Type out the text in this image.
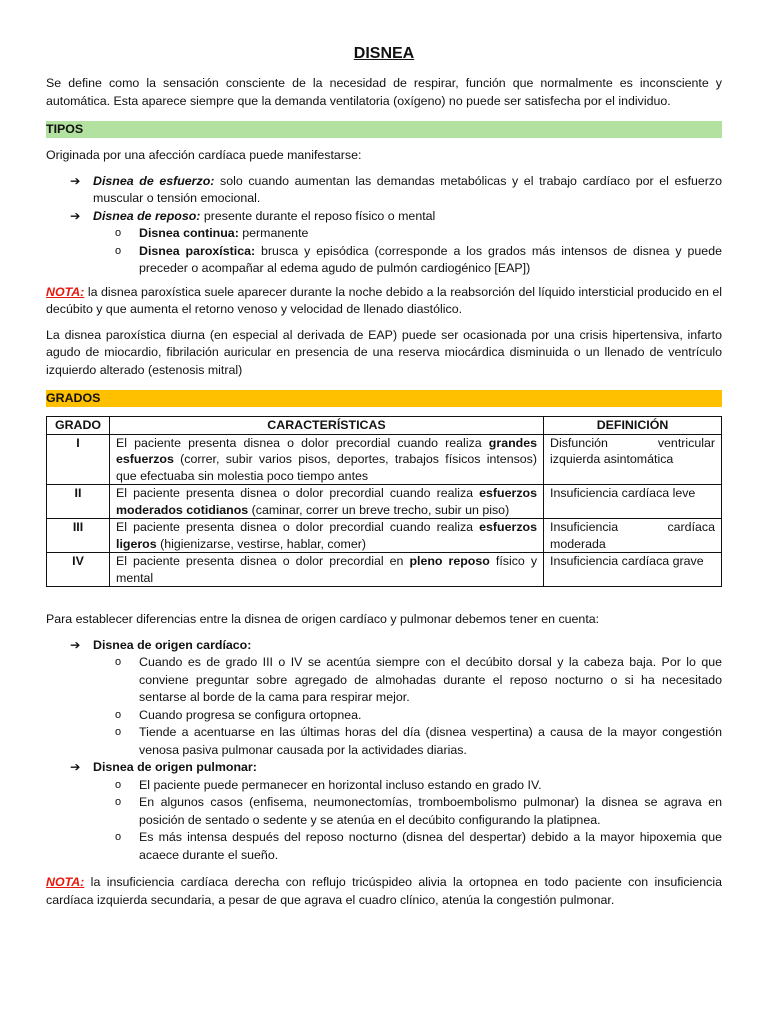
DISNEA

Se define como la sensación consciente de la necesidad de respirar, función que normalmente es inconsciente y automática. Esta aparece siempre que la demanda ventilatoria (oxígeno) no puede ser satisfecha por el individuo.

TIPOS

Originada por una afección cardíaca puede manifestarse:

➔ Disnea de esfuerzo: solo cuando aumentan las demandas metabólicas y el trabajo cardíaco por el esfuerzo muscular o tensión emocional.
➔ Disnea de reposo: presente durante el reposo físico o mental
o Disnea continua: permanente
o Disnea paroxística: brusca y episódica (corresponde a los grados más intensos de disnea y puede preceder o acompañar al edema agudo de pulmón cardiogénico [EAP])

NOTA: la disnea paroxística suele aparecer durante la noche debido a la reabsorción del líquido intersticial producido en el decúbito y que aumenta el retorno venoso y velocidad de llenado diastólico.

La disnea paroxística diurna (en especial al derivada de EAP) puede ser ocasionada por una crisis hipertensiva, infarto agudo de miocardio, fibrilación auricular en presencia de una reserva miocárdica disminuida o un llenado de ventrículo izquierdo alterado (estenosis mitral)

GRADOS
GRADO	CARACTERÍSTICAS	DEFINICIÓN
I	El paciente presenta disnea o dolor precordial cuando realiza grandes esfuerzos (correr, subir varios pisos, deportes, trabajos físicos intensos) que efectuaba sin molestia poco tiempo antes	Disfunción ventricular izquierda asintomática
II	El paciente presenta disnea o dolor precordial cuando realiza esfuerzos moderados cotidianos (caminar, correr un breve trecho, subir un piso)	Insuficiencia cardíaca leve
III	El paciente presenta disnea o dolor precordial cuando realiza esfuerzos ligeros (higienizarse, vestirse, hablar, comer)	Insuficiencia cardíaca moderada
IV	El paciente presenta disnea o dolor precordial en pleno reposo físico y mental	Insuficiencia cardíaca grave

Para establecer diferencias entre la disnea de origen cardíaco y pulmonar debemos tener en cuenta:

➔ Disnea de origen cardíaco:
o Cuando es de grado III o IV se acentúa siempre con el decúbito dorsal y la cabeza baja. Por lo que conviene preguntar sobre agregado de almohadas durante el reposo nocturno o si ha necesitado sentarse al borde de la cama para respirar mejor.
o Cuando progresa se configura ortopnea.
o Tiende a acentuarse en las últimas horas del día (disnea vespertina) a causa de la mayor congestión venosa pasiva pulmonar causada por la actividades diarias.
➔ Disnea de origen pulmonar:
o El paciente puede permanecer en horizontal incluso estando en grado IV.
o En algunos casos (enfisema, neumonectomías, tromboembolismo pulmonar) la disnea se agrava en posición de sentado o sedente y se atenúa en el decúbito configurando la platipnea.
o Es más intensa después del reposo nocturno (disnea del despertar) debido a la mayor hipoxemia que acaece durante el sueño.

NOTA: la insuficiencia cardíaca derecha con reflujo tricúspideo alivia la ortopnea en todo paciente con insuficiencia cardíaca izquierda secundaria, a pesar de que agrava el cuadro clínico, atenúa la congestión pulmonar.
